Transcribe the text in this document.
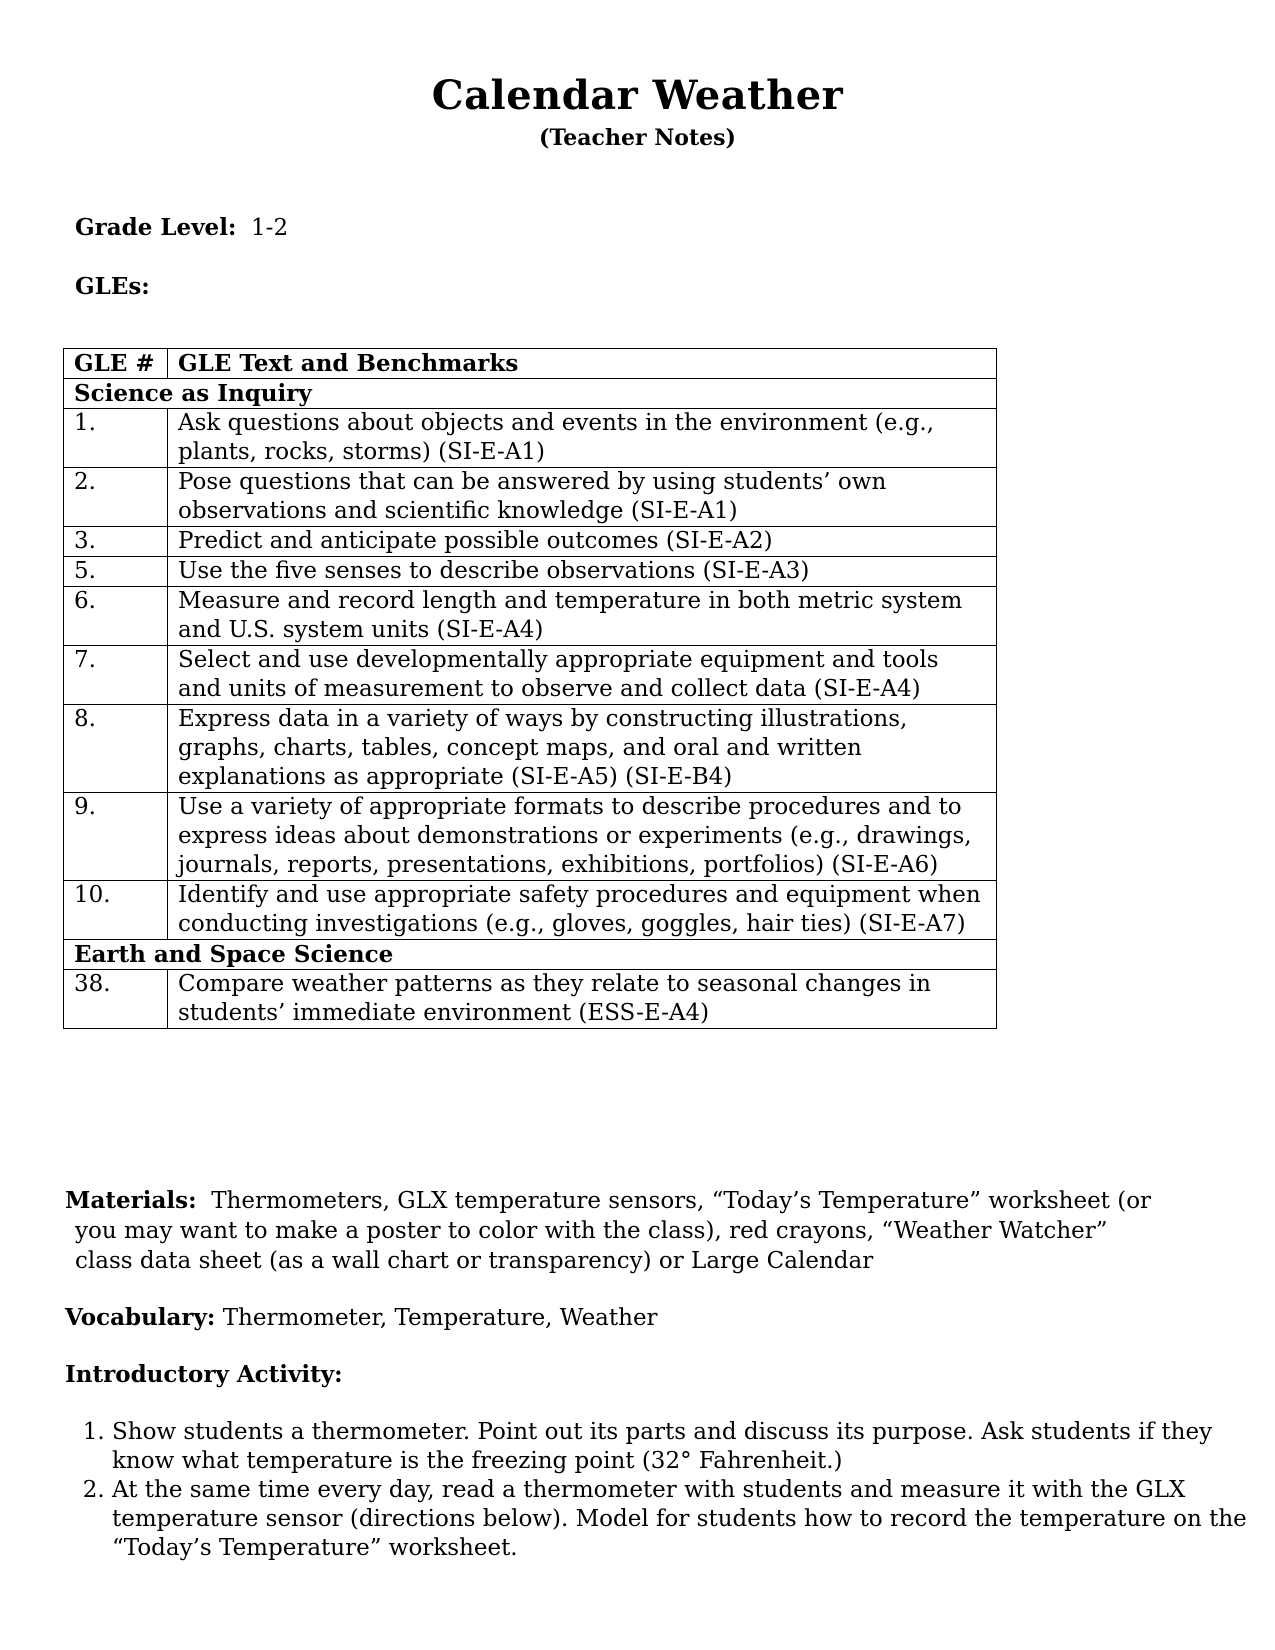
Calendar Weather
(Teacher Notes)
Grade Level: 1-2
GLEs:
GLE #	GLE Text and Benchmarks
Science as Inquiry	
1.	Ask questions about objects and events in the environment (e.g., plants, rocks, storms) (SI-E-A1)
2.	Pose questions that can be answered by using students’ own observations and scientific knowledge (SI-E-A1)
3.	Predict and anticipate possible outcomes (SI-E-A2)
5.	Use the five senses to describe observations (SI-E-A3)
6.	Measure and record length and temperature in both metric system and U.S. system units (SI-E-A4)
7.	Select and use developmentally appropriate equipment and tools and units of measurement to observe and collect data (SI-E-A4)
8.	Express data in a variety of ways by constructing illustrations, graphs, charts, tables, concept maps, and oral and written explanations as appropriate (SI-E-A5) (SI-E-B4)
9.	Use a variety of appropriate formats to describe procedures and to express ideas about demonstrations or experiments (e.g., drawings, journals, reports, presentations, exhibitions, portfolios) (SI-E-A6)
10.	Identify and use appropriate safety procedures and equipment when conducting investigations (e.g., gloves, goggles, hair ties) (SI-E-A7)
Earth and Space Science	
38.	Compare weather patterns as they relate to seasonal changes in students’ immediate environment (ESS-E-A4)
Materials: Thermometers, GLX temperature sensors, “Today’s Temperature” worksheet (or
you may want to make a poster to color with the class), red crayons, “Weather Watcher”
class data sheet (as a wall chart or transparency) or Large Calendar
Vocabulary: Thermometer, Temperature, Weather
Introductory Activity:
1. Show students a thermometer. Point out its parts and discuss its purpose. Ask students if they know what temperature is the freezing point (32° Fahrenheit.)
2. At the same time every day, read a thermometer with students and measure it with the GLX temperature sensor (directions below). Model for students how to record the temperature on the “Today’s Temperature” worksheet.
